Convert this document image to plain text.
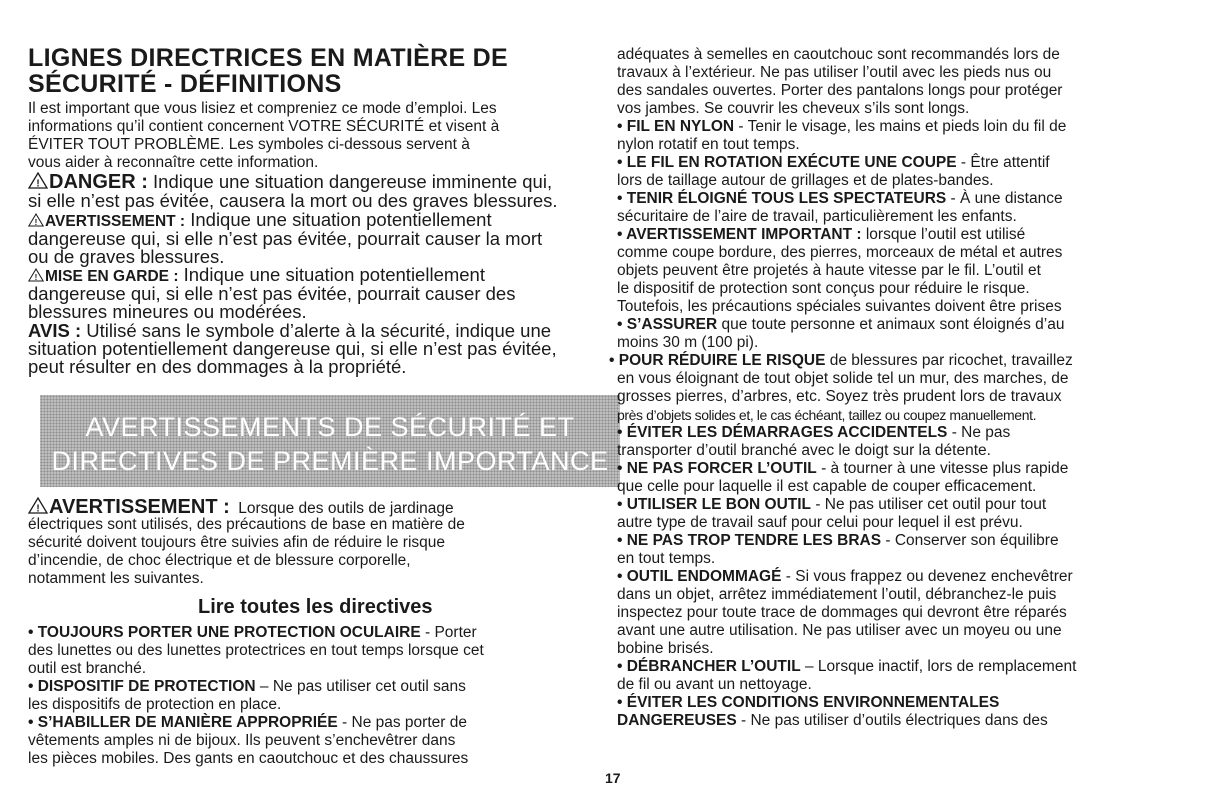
LIGNES DIRECTRICES EN MATIÈRE DE
SÉCURITÉ - DÉFINITIONS
Il est important que vous lisiez et compreniez ce mode d’emploi. Les
informations qu’il contient concernent VOTRE SÉCURITÉ et visent à
ÉVITER TOUT PROBLÈME. Les symboles ci-dessous servent à
vous aider à reconnaître cette information.
! DANGER : Indique une situation dangereuse imminente qui,
si elle n’est pas évitée, causera la mort ou des graves blessures.
! AVERTISSEMENT : Indique une situation potentiellement
dangereuse qui, si elle n’est pas évitée, pourrait causer la mort
ou de graves blessures.
! MISE EN GARDE : Indique une situation potentiellement
dangereuse qui, si elle n’est pas évitée, pourrait causer des
blessures mineures ou modérées.
AVIS : Utilisé sans le symbole d’alerte à la sécurité, indique une
situation potentiellement dangereuse qui, si elle n’est pas évitée,
peut résulter en des dommages à la propriété.
AVERTISSEMENTS DE SÉCURITÉ ET
DIRECTIVES DE PREMIÈRE IMPORTANCE
! AVERTISSEMENT : Lorsque des outils de jardinage
électriques sont utilisés, des précautions de base en matière de
sécurité doivent toujours être suivies afin de réduire le risque
d’incendie, de choc électrique et de blessure corporelle,
notamment les suivantes.
Lire toutes les directives
• TOUJOURS PORTER UNE PROTECTION OCULAIRE - Porter
des lunettes ou des lunettes protectrices en tout temps lorsque cet
outil est branché.
• DISPOSITIF DE PROTECTION – Ne pas utiliser cet outil sans
les dispositifs de protection en place.
• S’HABILLER DE MANIÈRE APPROPRIÉE - Ne pas porter de
vêtements amples ni de bijoux. Ils peuvent s’enchevêtrer dans
les pièces mobiles. Des gants en caoutchouc et des chaussures
adéquates à semelles en caoutchouc sont recommandés lors de
travaux à l’extérieur. Ne pas utiliser l’outil avec les pieds nus ou
des sandales ouvertes. Porter des pantalons longs pour protéger
vos jambes. Se couvrir les cheveux s’ils sont longs.
• FIL EN NYLON - Tenir le visage, les mains et pieds loin du fil de
nylon rotatif en tout temps.
• LE FIL EN ROTATION EXÉCUTE UNE COUPE - Être attentif
lors de taillage autour de grillages et de plates-bandes.
• TENIR ÉLOIGNÉ TOUS LES SPECTATEURS - À une distance
sécuritaire de l’aire de travail, particulièrement les enfants.
• AVERTISSEMENT IMPORTANT : lorsque l’outil est utilisé
comme coupe bordure, des pierres, morceaux de métal et autres
objets peuvent être projetés à haute vitesse par le fil. L’outil et
le dispositif de protection sont conçus pour réduire le risque.
Toutefois, les précautions spéciales suivantes doivent être prises
• S’ASSURER que toute personne et animaux sont éloignés d’au
moins 30 m (100 pi).
• POUR RÉDUIRE LE RISQUE de blessures par ricochet, travaillez
en vous éloignant de tout objet solide tel un mur, des marches, de
grosses pierres, d’arbres, etc. Soyez très prudent lors de travaux
près d’objets solides et, le cas échéant, taillez ou coupez manuellement.
• ÉVITER LES DÉMARRAGES ACCIDENTELS - Ne pas
transporter d’outil branché avec le doigt sur la détente.
• NE PAS FORCER L’OUTIL - à tourner à une vitesse plus rapide
que celle pour laquelle il est capable de couper efficacement.
• UTILISER LE BON OUTIL - Ne pas utiliser cet outil pour tout
autre type de travail sauf pour celui pour lequel il est prévu.
• NE PAS TROP TENDRE LES BRAS - Conserver son équilibre
en tout temps.
• OUTIL ENDOMMAGÉ - Si vous frappez ou devenez enchevêtrer
dans un objet, arrêtez immédiatement l’outil, débranchez-le puis
inspectez pour toute trace de dommages qui devront être réparés
avant une autre utilisation. Ne pas utiliser avec un moyeu ou une
bobine brisés.
• DÉBRANCHER L’OUTIL – Lorsque inactif, lors de remplacement
de fil ou avant un nettoyage.
• ÉVITER LES CONDITIONS ENVIRONNEMENTALES
DANGEREUSES - Ne pas utiliser d’outils électriques dans des
17
